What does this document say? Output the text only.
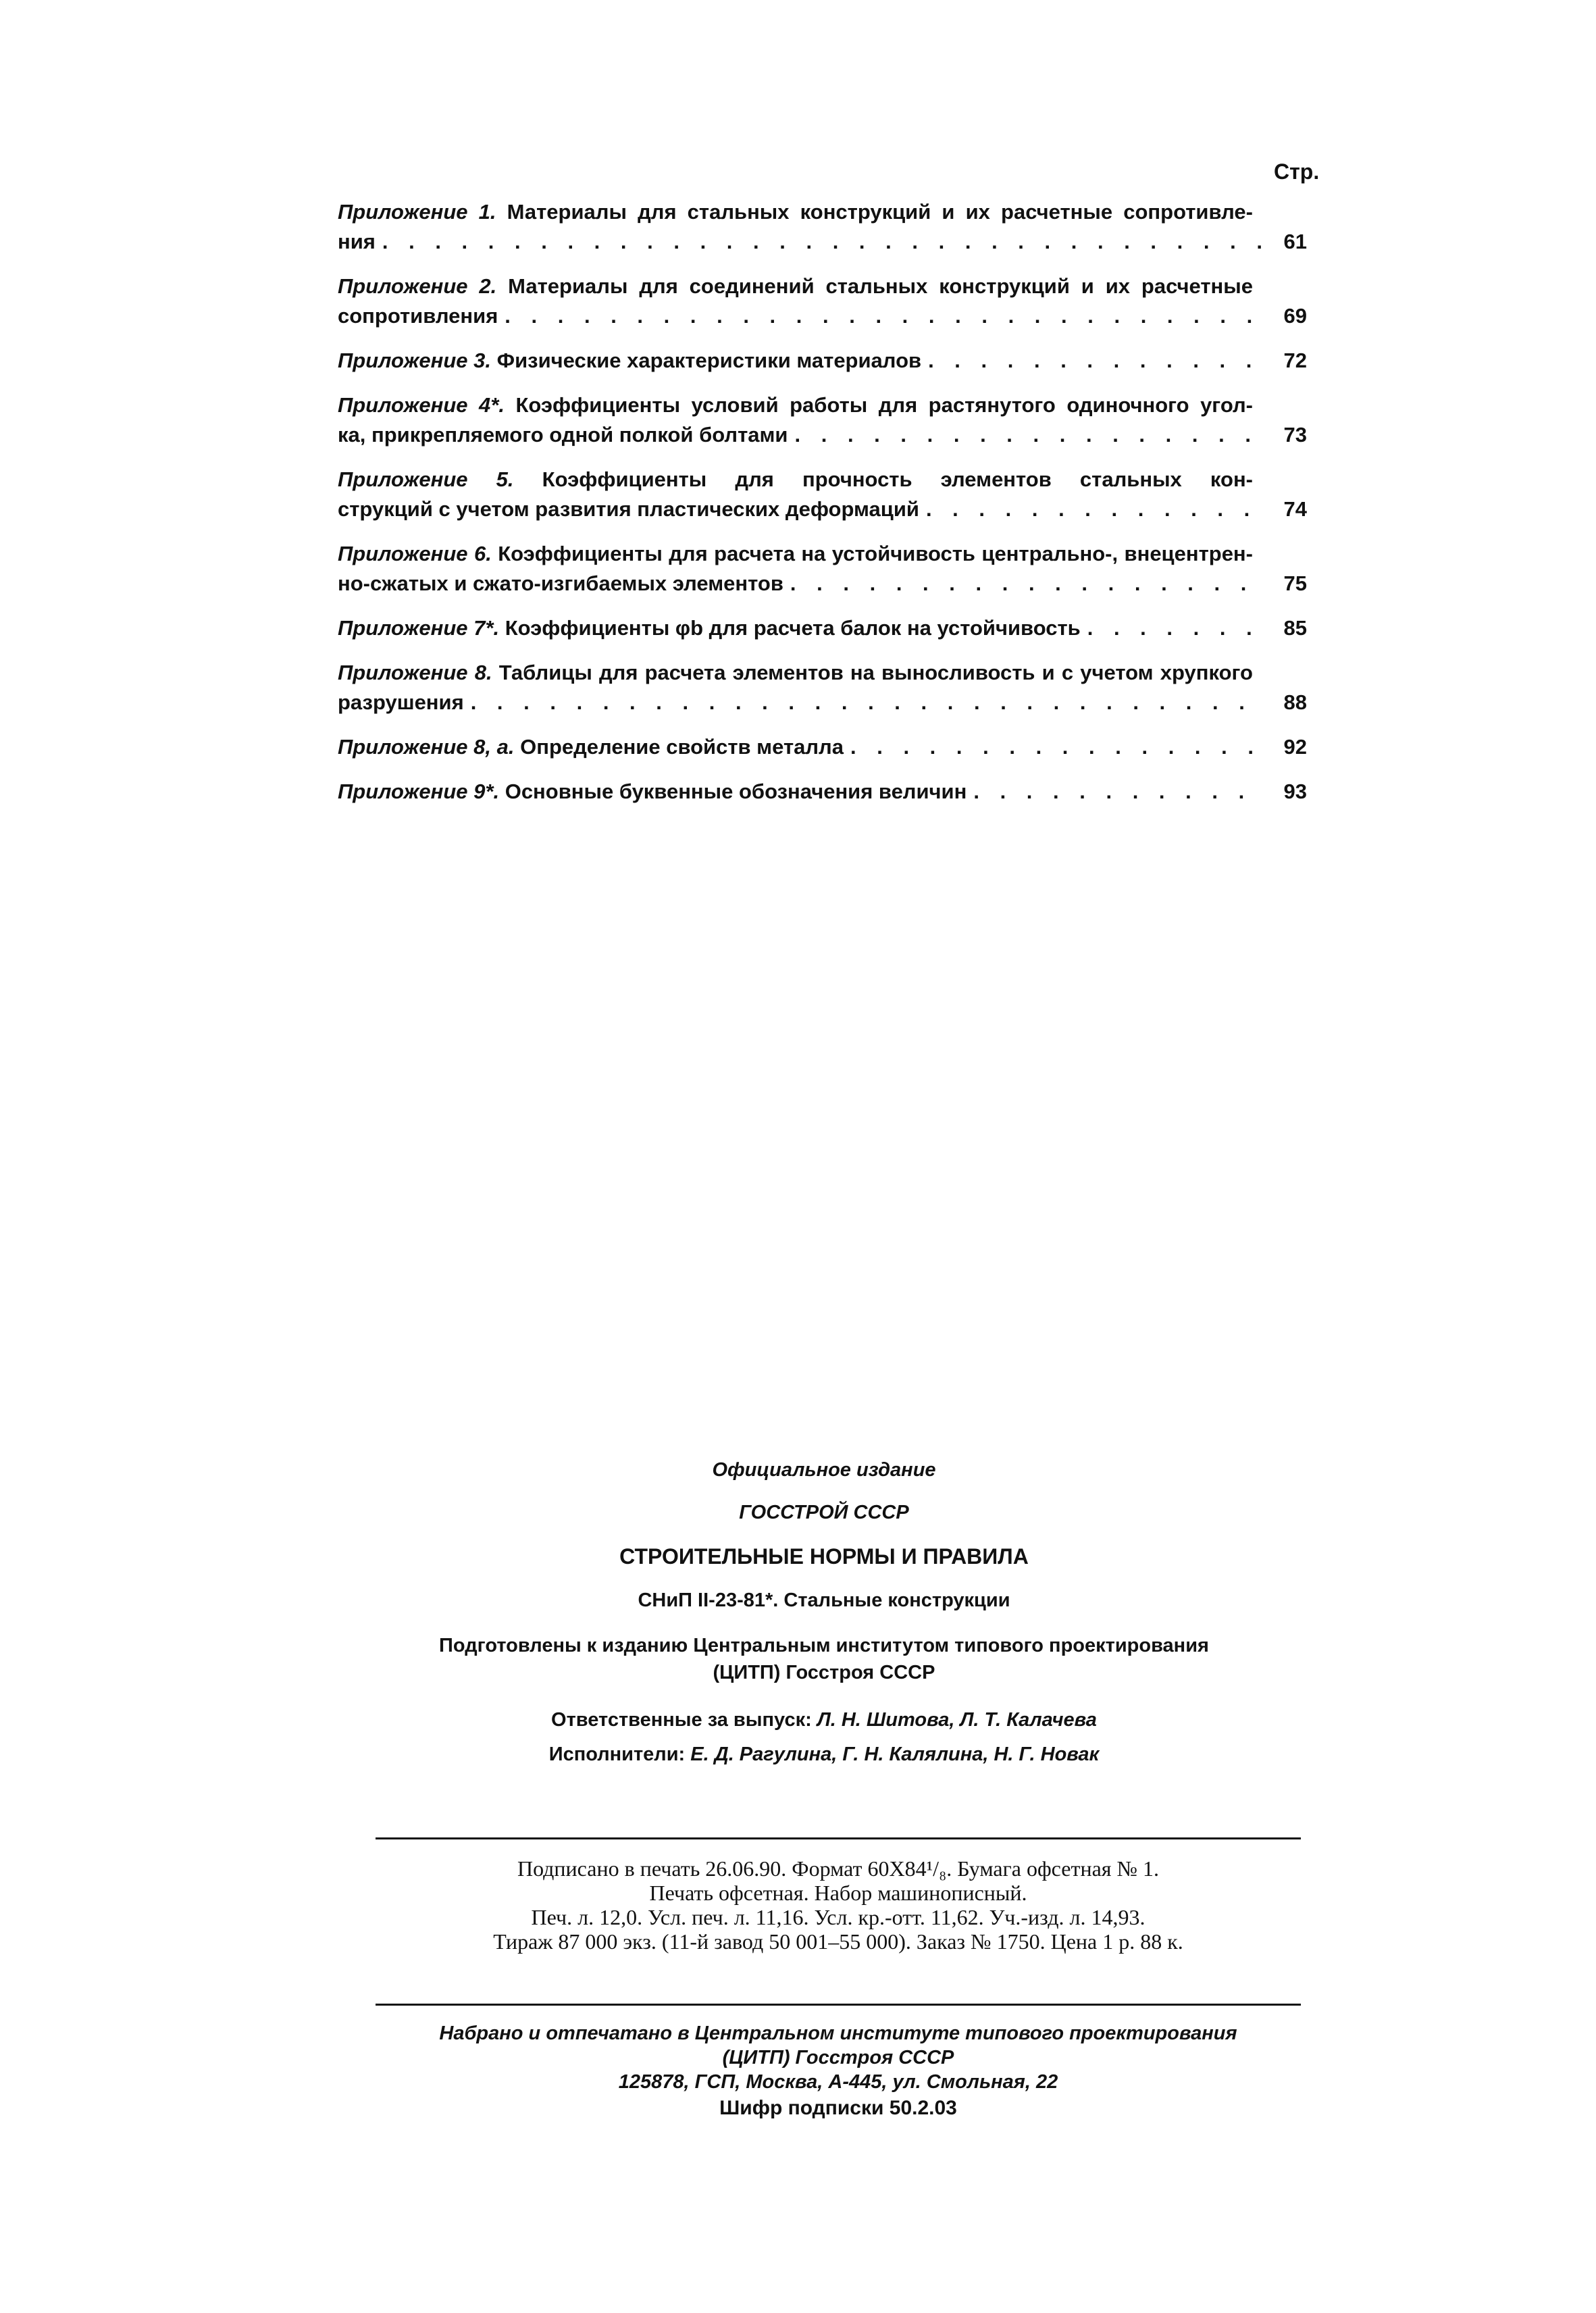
Стр.
Приложение 1. Материалы для стальных конструкций и их расчетные сопротивле-
ния . . .	61
Приложение 2. Материалы для соединений стальных конструкций и их расчетные
сопротивления . . .	69
Приложение 3. Физические характеристики материалов . . .	72
Приложение 4*. Коэффициенты условий работы для растянутого одиночного угол-
ка, прикрепляемого одной полкой болтами . . .	73
Приложение 5. Коэффициенты для прочность элементов стальных кон-
струкций с учетом развития пластических деформаций . . .	74
Приложение 6. Коэффициенты для расчета на устойчивость центрально-, внецентрен-
но-сжатых и сжато-изгибаемых элементов . . .	75
Приложение 7*. Коэффициенты φb для расчета балок на устойчивость . . .	85
Приложение 8. Таблицы для расчета элементов на выносливость и с учетом хрупкого
разрушения . . .	88
Приложение 8, а. Определение свойств металла . . .	92
Приложение 9*. Основные буквенные обозначения величин . . .	93
Официальное издание
ГОССТРОЙ СССР
СТРОИТЕЛЬНЫЕ НОРМЫ И ПРАВИЛА
СНиП II-23-81*. Стальные конструкции
Подготовлены к изданию Центральным институтом типового проектирования
(ЦИТП) Госстроя СССР
Ответственные за выпуск: Л. Н. Шитова, Л. Т. Калачева
Исполнители: Е. Д. Рагулина, Г. Н. Калялина, Н. Г. Новак
Подписано в печать 26.06.90. Формат 60Х84¹/₈. Бумага офсетная № 1.
Печать офсетная. Набор машинописный.
Печ. л. 12,0. Усл. печ. л. 11,16. Усл. кр.-отт. 11,62. Уч.-изд. л. 14,93.
Тираж 87 000 экз. (11-й завод 50 001–55 000). Заказ № 1750. Цена 1 р. 88 к.
Набрано и отпечатано в Центральном институте типового проектирования
(ЦИТП) Госстроя СССР
125878, ГСП, Москва, А-445, ул. Смольная, 22
Шифр подписки 50.2.03
